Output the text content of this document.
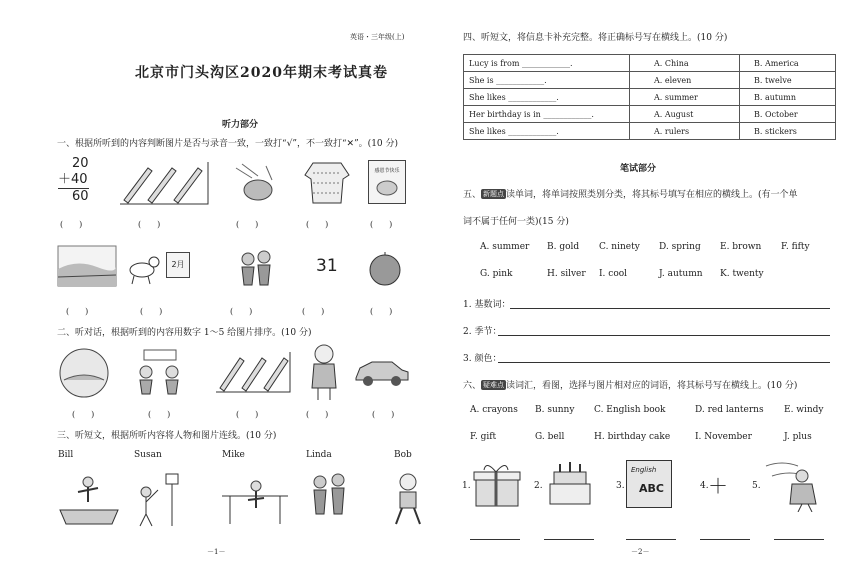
英语・三年级(上)
北京市门头沟区2020年期末考试真卷
听力部分
一、根据所听到的内容判断图片是否与录音一致，一致打“√”，不一致打“✕”。(10 分)
20
＋40
60
感恩节快乐
(　　)	(　　)	(　　)	(　　)	(　　)
2月	31
(　　)	(　　)	(　　)	(　　)	(　　)
二、听对话，根据听到的内容用数字 1～5 给图片排序。(10 分)
(　　)	(　　)	(　　)	(　　)	(　　)
三、听短文，根据所听内容将人物和图片连线。(10 分)
Bill	Susan	Mike	Linda	Bob
－1－
四、听短文，将信息卡补充完整。将正确标号写在横线上。(10 分)
Lucy is from ____________.	A. China	B. America
She is ____________.	A. eleven	B. twelve
She likes ____________.	A. summer	B. autumn
Her birthday is in ____________.	A. August	B. October
She likes ____________.	A. rulers	B. stickers
笔试部分
五、 新题点 读单词，将单词按照类别分类，将其标号填写在相应的横线上。(有一个单
词不属于任何一类)(15 分)
A. summer B. gold C. ninety D. spring E. brown F. fifty
G. pink	H. silver I. cool	J. autumn K. twenty
1. 基数词：
2. 季节：
3. 颜色：
六、 疑难点 读词汇，看图，选择与图片相对应的词语，将其标号写在横线上。(10 分)
A. crayons B. sunny C. English book	D. red lanterns E. windy
F. gift	G. bell	H. birthday cake	I. November	J. plus
1.	2.	3.
English
ABC	4. ＋	5.
－2－
